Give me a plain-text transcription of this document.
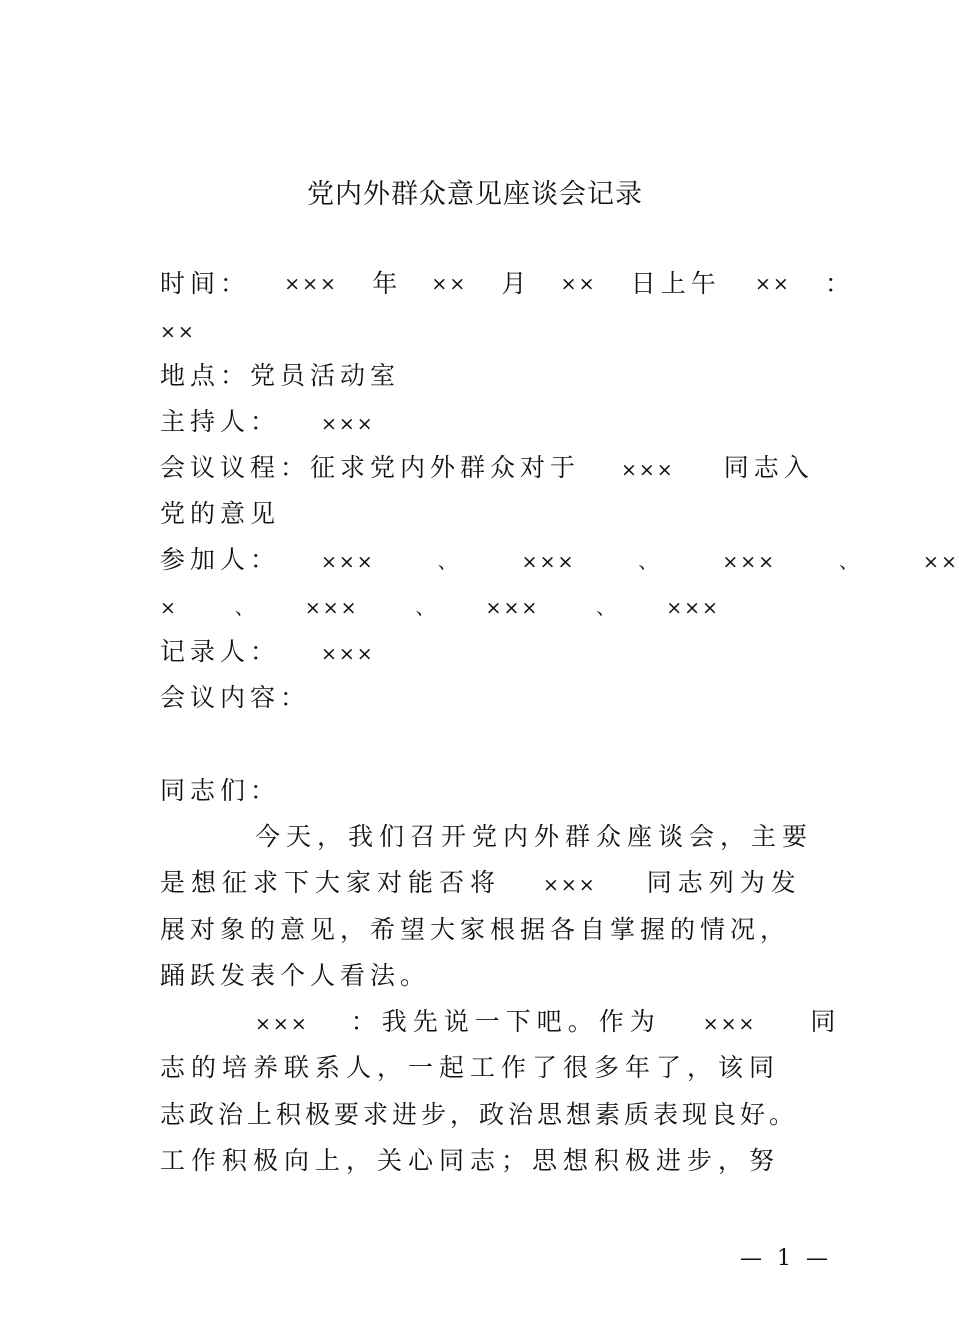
党内外群众意见座谈会记录
时间： ××× 年 ×× 月 ×× 日上午 ×× ：
××
地点：党员活动室
主持人： ×××
会议议程：征求党内外群众对于 ××× 同志入
党的意见
参加人： ×××	、	×××	、	×××	、	××
×	、	×××	、	×××	、	×××
记录人： ×××
会议内容：
同志们：
今天，我们召开党内外群众座谈会，主要
是想征求下大家对能否将 ××× 同志列为发
展对象的意见，希望大家根据各自掌握的情况，
踊跃发表个人看法。
××× ：我先说一下吧。作为 ××× 同
志的培养联系人，一起工作了很多年了，该同
志政治上积极要求进步，政治思想素质表现良好。
工作积极向上，关心同志；思想积极进步，努
— 1 —
